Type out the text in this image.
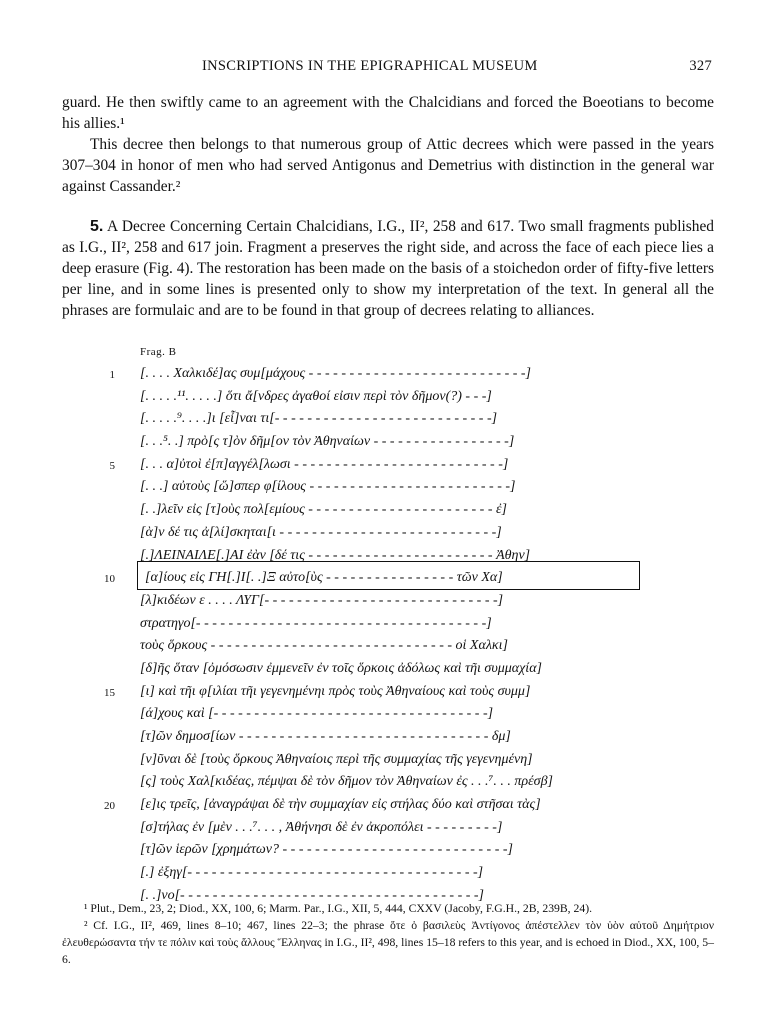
INSCRIPTIONS IN THE EPIGRAPHICAL MUSEUM	327

guard. He then swiftly came to an agreement with the Chalcidians and forced the Boeotians to become his allies.¹

This decree then belongs to that numerous group of Attic decrees which were passed in the years 307–304 in honor of men who had served Antigonus and Demetrius with distinction in the general war against Cassander.²

5. A Decree Concerning Certain Chalcidians, I.G., II², 258 and 617. Two small fragments published as I.G., II², 258 and 617 join. Fragment a preserves the right side, and across the face of each piece lies a deep erasure (Fig. 4). The restoration has been made on the basis of a stoichedon order of fifty-five letters per line, and in some lines is presented only to show my interpretation of the text. In general all the phrases are formulaic and are to be found in that group of decrees relating to alliances.

Frag. B
1 [. . . . Χαλκιδέ]ας συμ[μάχους - - - - - - - - - - - - - - - - - - - - - - - - - - -]
[. . . . .¹¹. . . . .] ὅτι ἄ[νδρες ἀγαθοί εἰσιν περὶ τὸν δῆμον(?) - - -]
[. . . . .⁹. . . .]ι [εἶ]ναι τι[- - - - - - - - - - - - - - - - - - - - - - - - - - -]
[. . .⁵. .] πρὸ[ς τ]ὸν δῆμ[ον τὸν Ἀθηναίων - - - - - - - - - - - - - - - - -]
5 [. . . α]ὐτοὶ ἐ[π]αγγέλ[λωσι - - - - - - - - - - - - - - - - - - - - - - - - - -]
[. . .] αὐτοὺς [ὥ]σπερ φ[ίλους - - - - - - - - - - - - - - - - - - - - - - - - -]
[. .]λεῖν εἰς [τ]οὺς πολ[εμίους - - - - - - - - - - - - - - - - - - - - - - - ἐ]
[ὰ]ν δέ τις ἀ[λί]σκηται[ι - - - - - - - - - - - - - - - - - - - - - - - - - - -]
[.]ΛΕΙΝΑΙΛΕ[.]ΑΙ ἐὰν [δέ τις - - - - - - - - - - - - - - - - - - - - - - - Ἀθην]
10 [α]ίους εἰς ΓΗ[.]Ι[. .]Ξ αὐτο[ὺς - - - - - - - - - - - - - - - - τῶν Χα]
[λ]κιδέων ε . . . . ΛΥΓ[- - - - - - - - - - - - - - - - - - - - - - - - - - - - -]
στρατηγο[- - - - - - - - - - - - - - - - - - - - - - - - - - - - - - - - - - - -]
τοὺς ὅρκους - - - - - - - - - - - - - - - - - - - - - - - - - - - - - - οἱ Χαλκι]
[δ]ῆς ὅταν [ὀμόσωσιν ἐμμενεῖν ἐν τοῖς ὅρκοις ἀδόλως καὶ τῆι συμμαχία]
15 [ι] καὶ τῆι φ[ιλίαι τῆι γεγενημένηι πρὸς τοὺς Ἀθηναίους καὶ τοὺς συμμ]
[ά]χους καὶ [- - - - - - - - - - - - - - - - - - - - - - - - - - - - - - - - - -]
[τ]ῶν δημοσ[ίων - - - - - - - - - - - - - - - - - - - - - - - - - - - - - - - δμ]
[ν]ῦναι δὲ [τοὺς ὅρκους Ἀθηναίοις περὶ τῆς συμμαχίας τῆς γεγενημένη]
[ς] τοὺς Χαλ[κιδέας, πέμψαι δὲ τὸν δῆμον τὸν Ἀθηναίων ἐς . . .⁷. . . πρέσβ]
20 [ε]ις τρεῖς, [ἀναγράψαι δὲ τὴν συμμαχίαν εἰς στήλας δύο καὶ στῆσαι τὰς]
[σ]τήλας ἐν [μὲν . . .⁷. . . , Ἀθήνησι δὲ ἐν ἀκροπόλει - - - - - - - - -]
[τ]ῶν ἱερῶν [χρημάτων? - - - - - - - - - - - - - - - - - - - - - - - - - - - -]
[.] ἐξηγ[- - - - - - - - - - - - - - - - - - - - - - - - - - - - - - - - - - - -]
[. .]νο[- - - - - - - - - - - - - - - - - - - - - - - - - - - - - - - - - - - - -]

¹ Plut., Dem., 23, 2; Diod., XX, 100, 6; Marm. Par., I.G., XII, 5, 444, CXXV (Jacoby, F.G.H., 2B, 239B, 24).

² Cf. I.G., II², 469, lines 8–10; 467, lines 22–3; the phrase ὅτε ὁ βασιλεὺς Ἀντίγονος ἀπέστελλεν τὸν ὑὸν αὐτοῦ Δημήτριον ἐλευθερώσαντα τήν τε πόλιν καὶ τοὺς ἄλλους Ἕλληνας in I.G., II², 498, lines 15–18 refers to this year, and is echoed in Diod., XX, 100, 5–6.
